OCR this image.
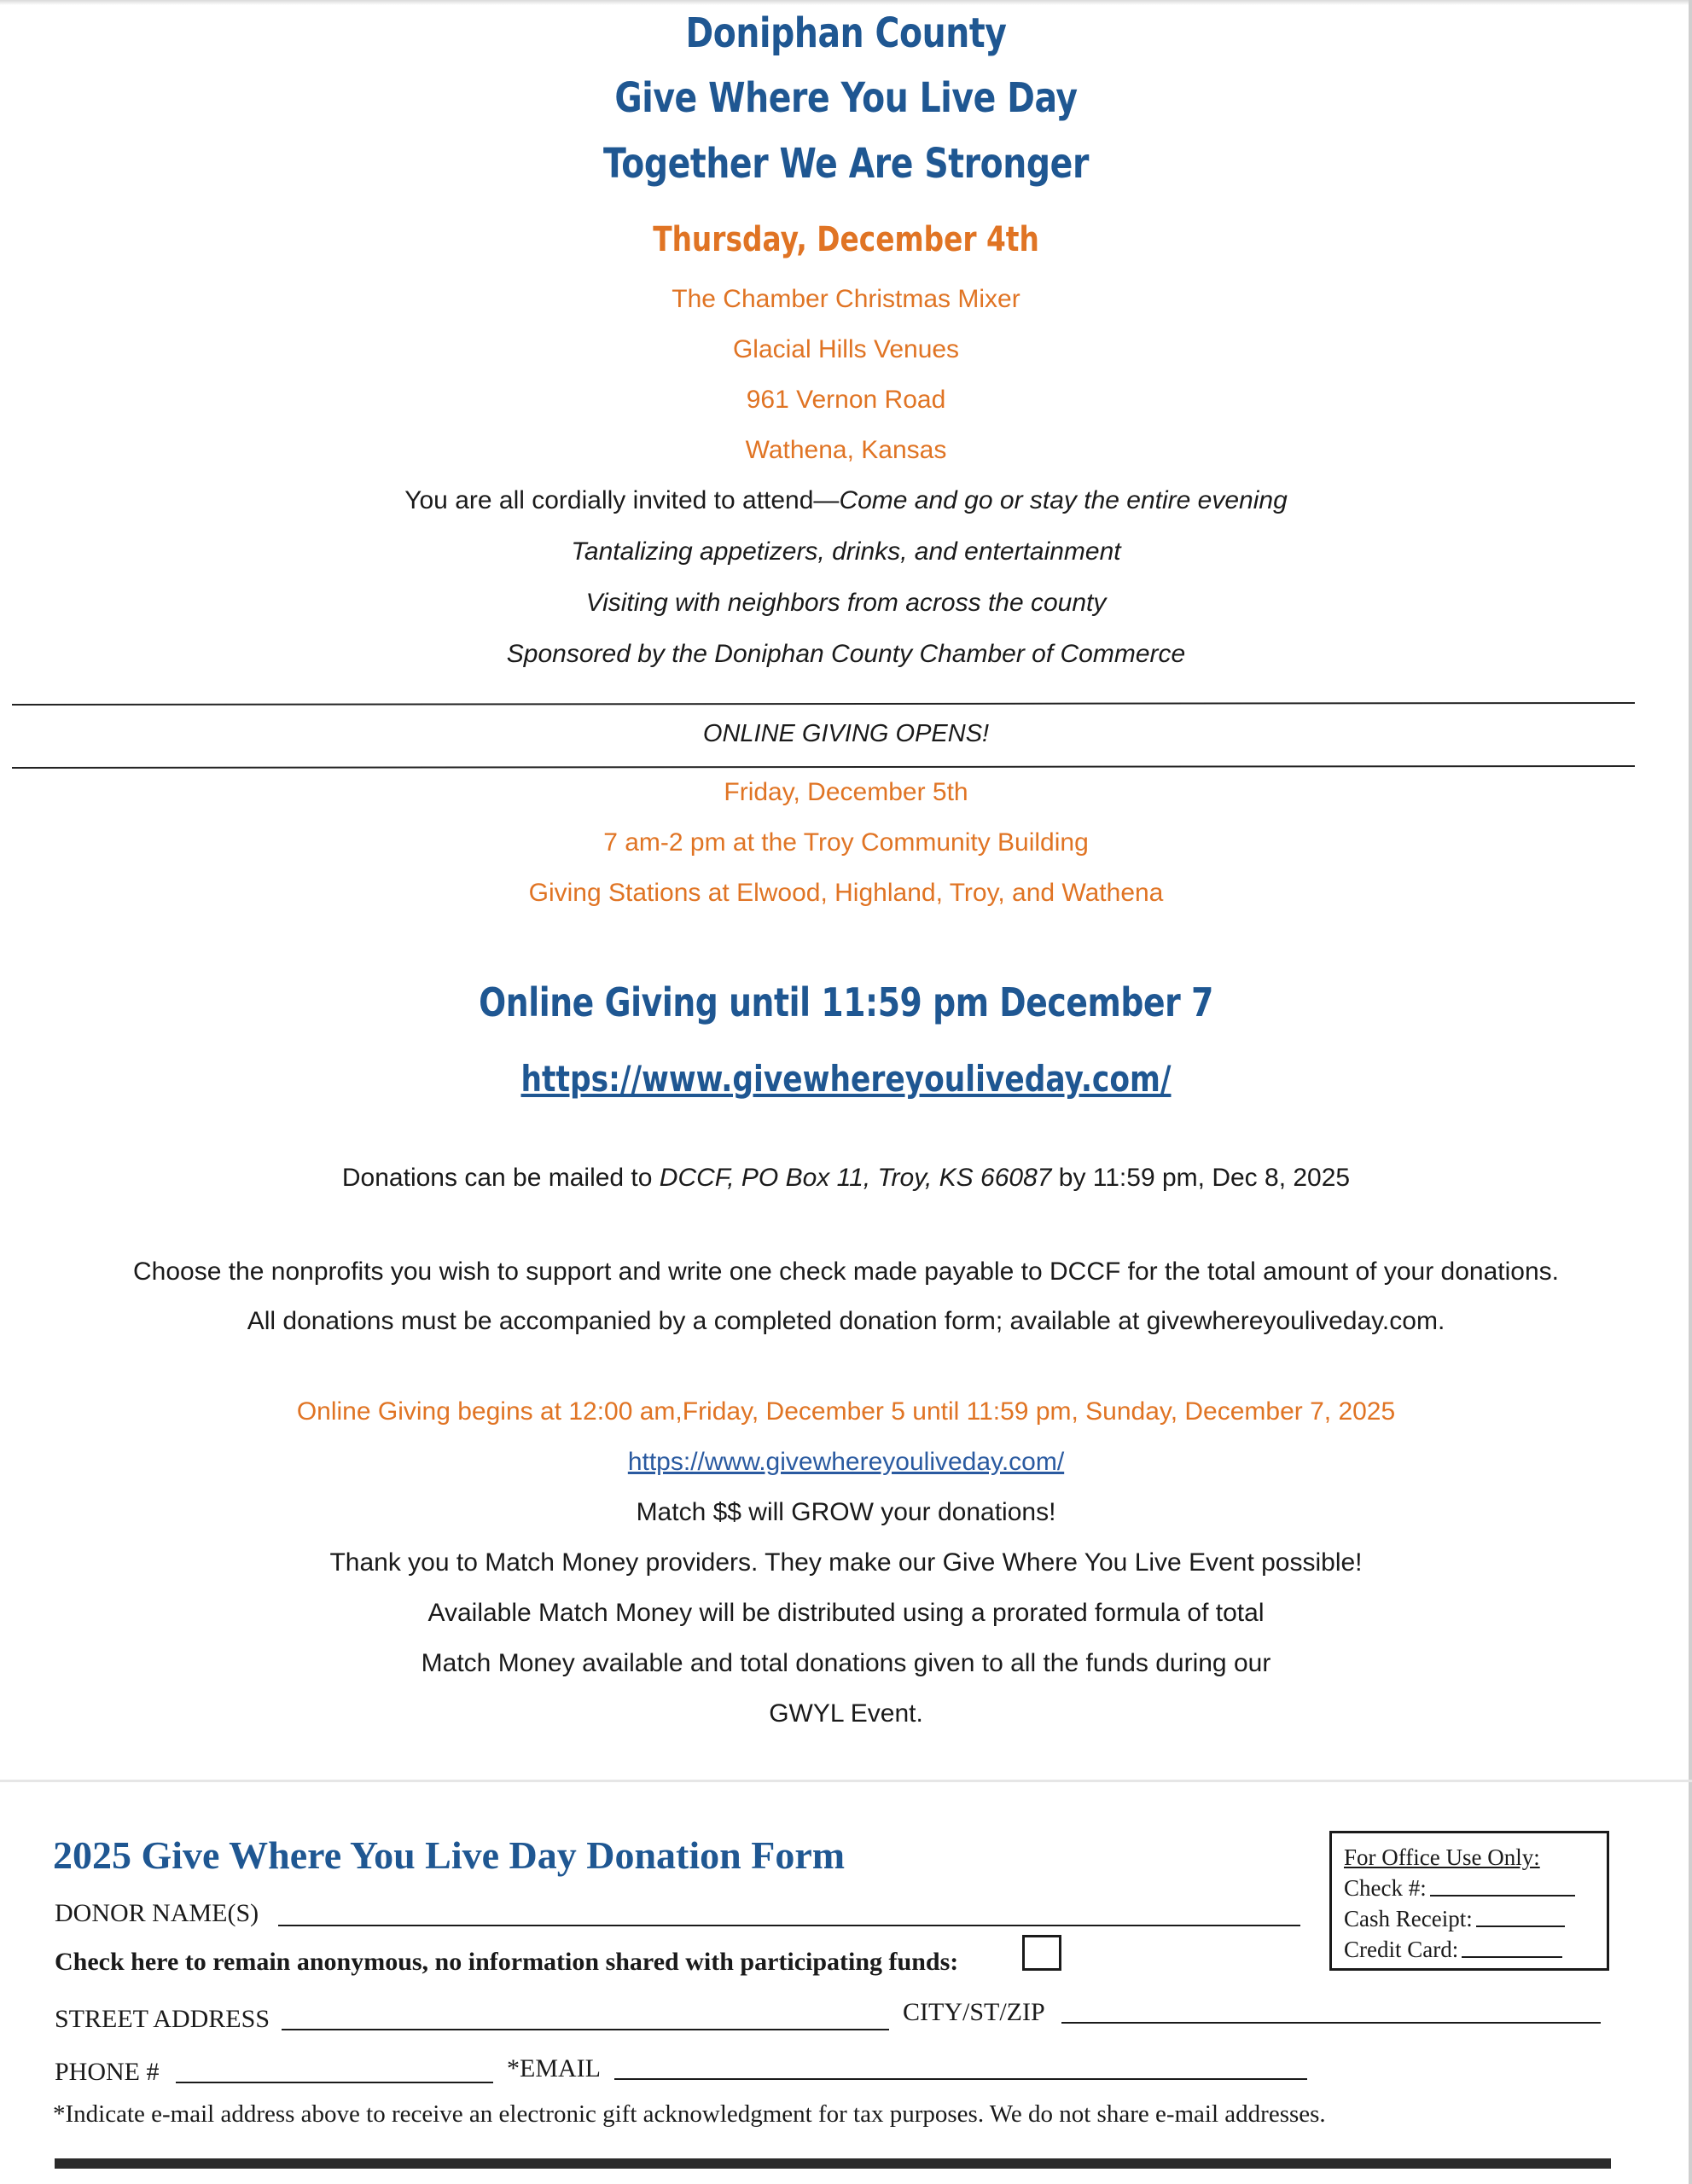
Doniphan County
Give Where You Live Day
Together We Are Stronger
Thursday, December 4th
The Chamber Christmas Mixer
Glacial Hills Venues
961 Vernon Road
Wathena, Kansas
You are all cordially invited to attend—Come and go or stay the entire evening
Tantalizing appetizers, drinks, and entertainment
Visiting with neighbors from across the county
Sponsored by the Doniphan County Chamber of Commerce
ONLINE GIVING OPENS!
Friday, December 5th
7 am-2 pm at the Troy Community Building
Giving Stations at Elwood, Highland, Troy, and Wathena
Online Giving until 11:59 pm December 7
https://www.givewhereyouliveday.com/
Donations can be mailed to DCCF, PO Box 11, Troy, KS 66087 by 11:59 pm, Dec 8, 2025
Choose the nonprofits you wish to support and write one check made payable to DCCF for the total amount of your donations.
All donations must be accompanied by a completed donation form; available at givewhereyouliveday.com.
Online Giving begins at 12:00 am,Friday, December 5 until 11:59 pm, Sunday, December 7, 2025
https://www.givewhereyouliveday.com/
Match $$ will GROW your donations!
Thank you to Match Money providers. They make our Give Where You Live Event possible!
Available Match Money will be distributed using a prorated formula of total
Match Money available and total donations given to all the funds during our
GWYL Event.
2025 Give Where You Live Day Donation Form
DONOR NAME(S)
Check here to remain anonymous, no information shared with participating funds:
STREET ADDRESS	CITY/ST/ZIP
PHONE #	*EMAIL
*Indicate e-mail address above to receive an electronic gift acknowledgment for tax purposes. We do not share e-mail addresses.
For Office Use Only:
Check #:
Cash Receipt:
Credit Card:
